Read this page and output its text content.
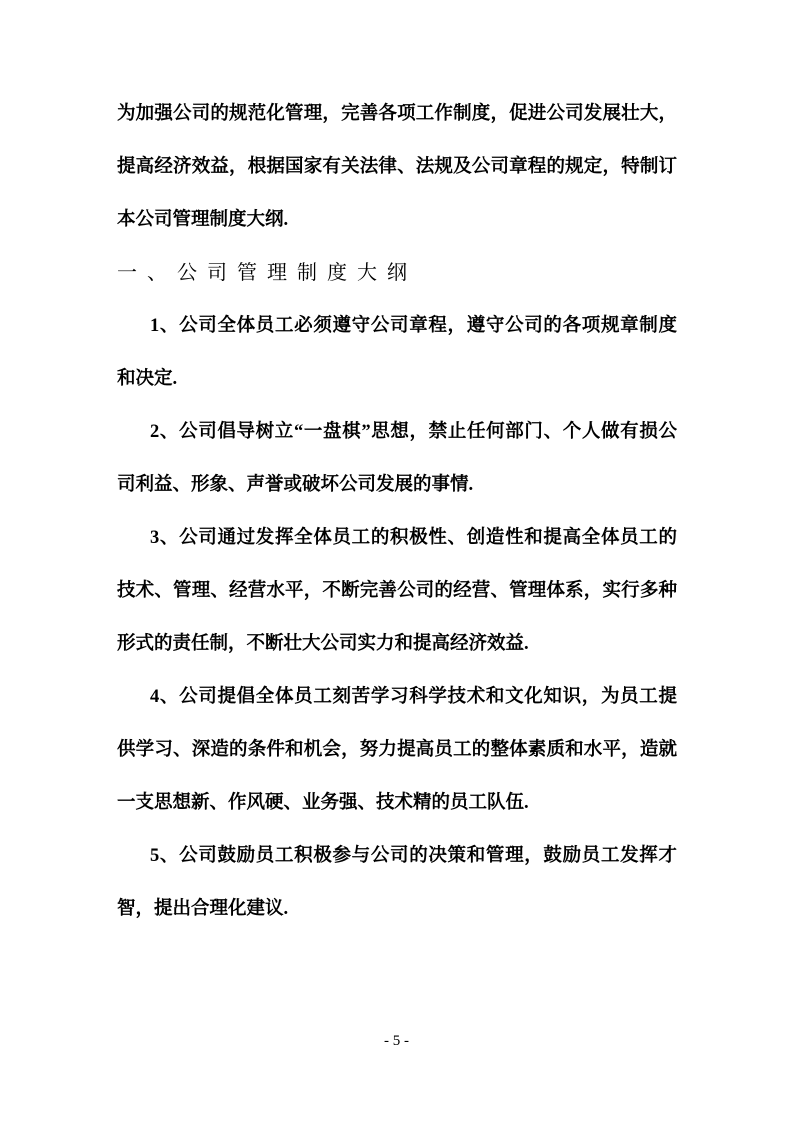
为加强公司的规范化管理，完善各项工作制度，促进公司发展壮大，提高经济效益，根据国家有关法律、法规及公司章程的规定，特制订本公司管理制度大纲.

一、公司管理制度大纲

1、公司全体员工必须遵守公司章程，遵守公司的各项规章制度和决定.

2、公司倡导树立“一盘棋”思想，禁止任何部门、个人做有损公司利益、形象、声誉或破坏公司发展的事情.

3、公司通过发挥全体员工的积极性、创造性和提高全体员工的技术、管理、经营水平，不断完善公司的经营、管理体系，实行多种形式的责任制，不断壮大公司实力和提高经济效益.

4、公司提倡全体员工刻苦学习科学技术和文化知识，为员工提供学习、深造的条件和机会，努力提高员工的整体素质和水平，造就一支思想新、作风硬、业务强、技术精的员工队伍.

5、公司鼓励员工积极参与公司的决策和管理，鼓励员工发挥才智，提出合理化建议.

- 5 -
